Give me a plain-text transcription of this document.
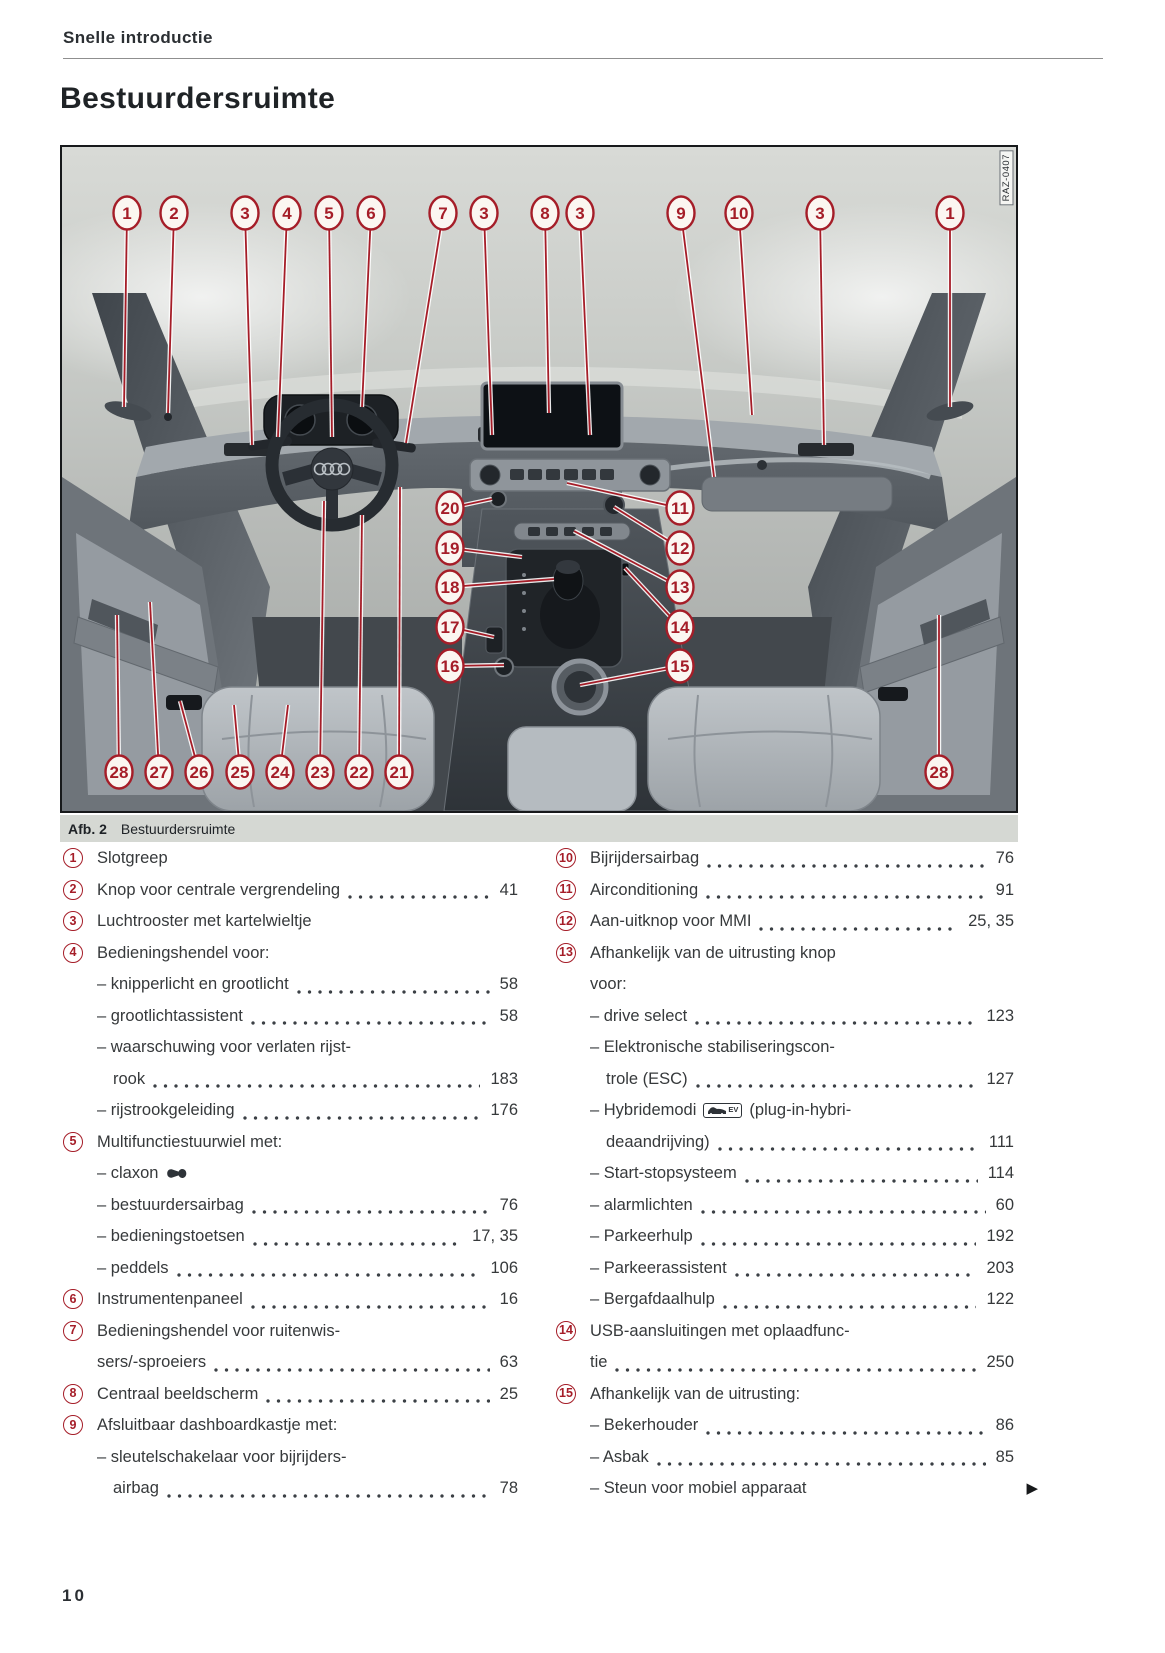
Snelle introductie
Bestuurdersruimte
1 2	3 4 5 6	7 3	8 3	9	10	3	1
20
19
18
17
16
11
12
13
14
15
28 27 26 25 24 23 22 21	28
RAZ-0407
Afb. 2 Bestuurdersruimte
1	Slotgreep
2	Knop voor centrale vergrendeling	41
3	Luchtrooster met kartelwieltje
4	Bedieningshendel voor:
– knipperlicht en grootlicht	58
– grootlichtassistent	58
– waarschuwing voor verlaten rijst-
rook	183
– rijstrookgeleiding	176
5	Multifunctiestuurwiel met:
– claxon
– bestuurdersairbag	76
– bedieningstoetsen	17, 35
– peddels	106
6	Instrumentenpaneel	16
7	Bedieningshendel voor ruitenwis-
sers/-sproeiers	63
8	Centraal beeldscherm	25
9	Afsluitbaar dashboardkastje met:
– sleutelschakelaar voor bijrijders-
airbag	78
10 Bijrijdersairbag	76
11 Airconditioning	91
12 Aan-uitknop voor MMI	25, 35
13 Afhankelijk van de uitrusting knop
voor:
– drive select	123
– Elektronische stabiliseringscon-
trole (ESC)	127
– Hybridemodi	EV (plug-in-hybri-
deaandrijving)	111
– Start-stopsysteem	114
– alarmlichten	60
– Parkeerhulp	192
– Parkeerassistent	203
– Bergafdaalhulp	122
14 USB-aansluitingen met oplaadfunc-
tie	250
15 Afhankelijk van de uitrusting:
– Bekerhouder	86
– Asbak	85
– Steun voor mobiel apparaat	▶
10
